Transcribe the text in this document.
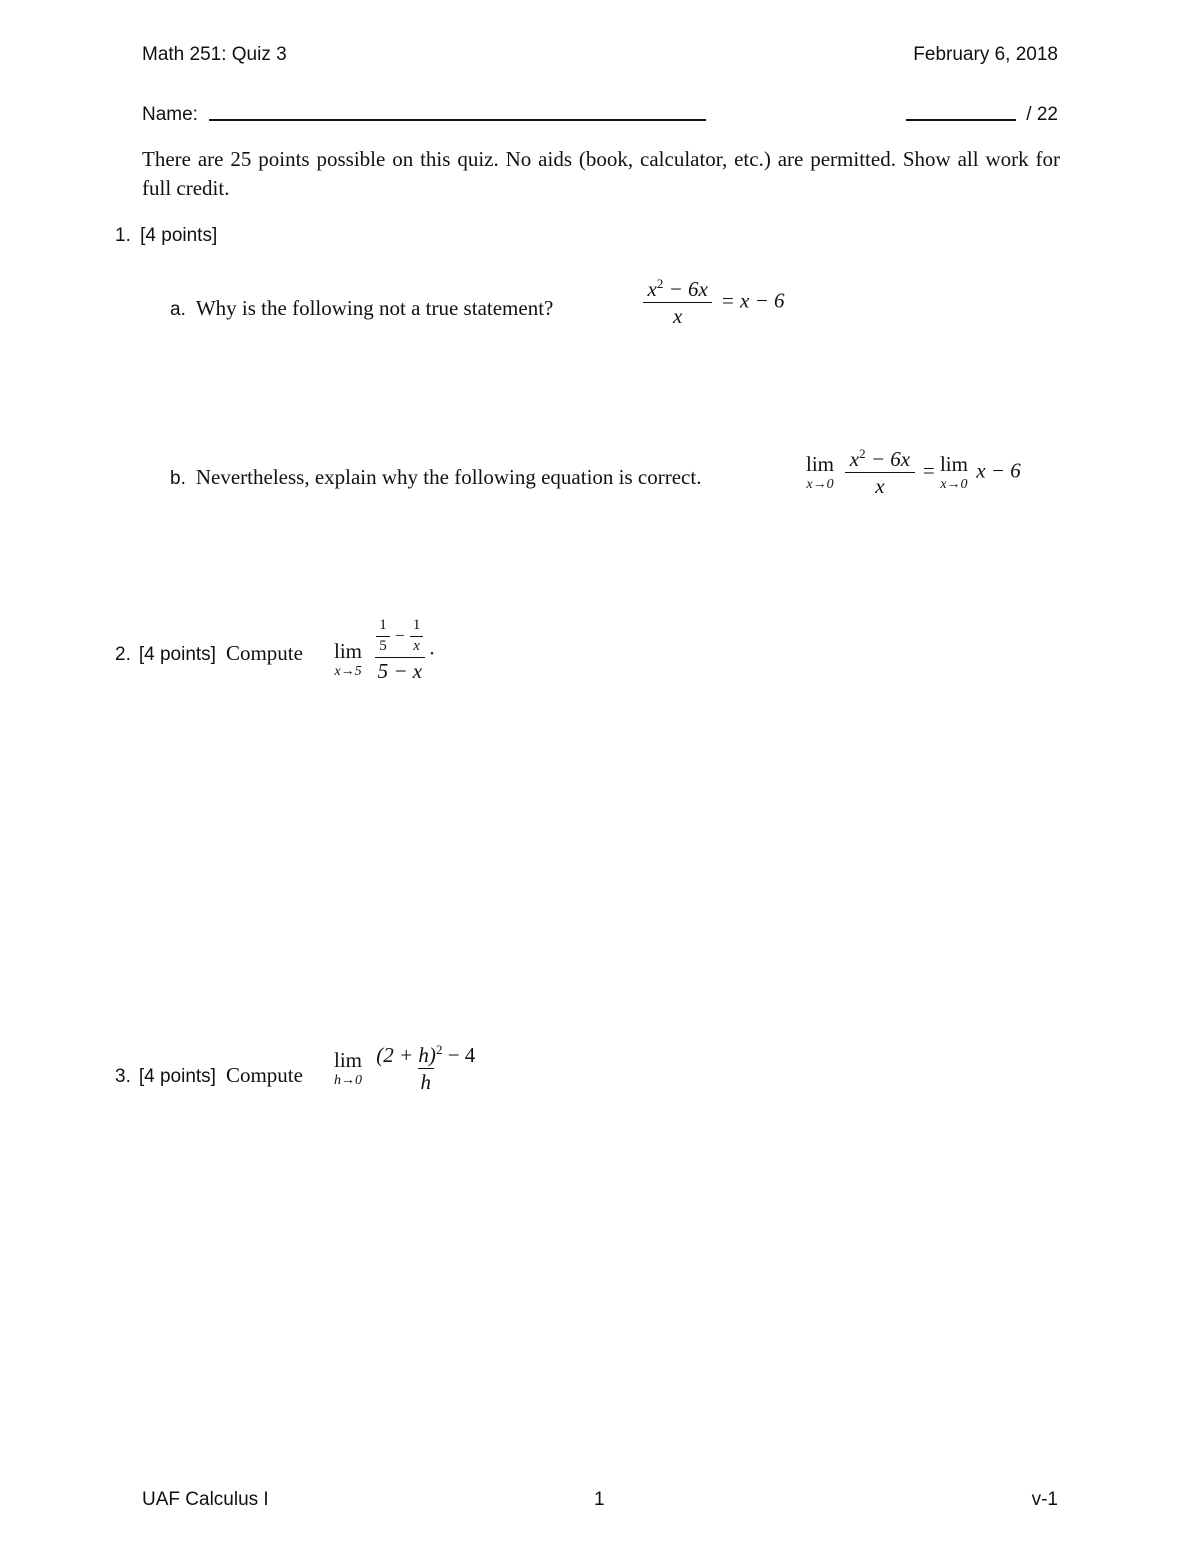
Math 251: Quiz 3	February 6, 2018
Name:	/ 22
There are 25 points possible on this quiz. No aids (book, calculator, etc.) are permitted. Show all work for full credit.
1. [4 points]
a. Why is the following not a true statement?	$\frac{x^2 - 6x}{x} = x - 6$
b. Nevertheless, explain why the following equation is correct.
lim
x→0
$\frac{x^2 - 6x}{x} = \lim$
x→0
x − 6
2. [4 points] Compute lim
x→5
$\frac{\frac{1}{5} - \frac{1}{x}}{5 - x}$ .
3. [4 points] Compute
lim
h→0
$\frac{(2 + h)^2 - 4}{h}$
UAF Calculus I	1	v-1
